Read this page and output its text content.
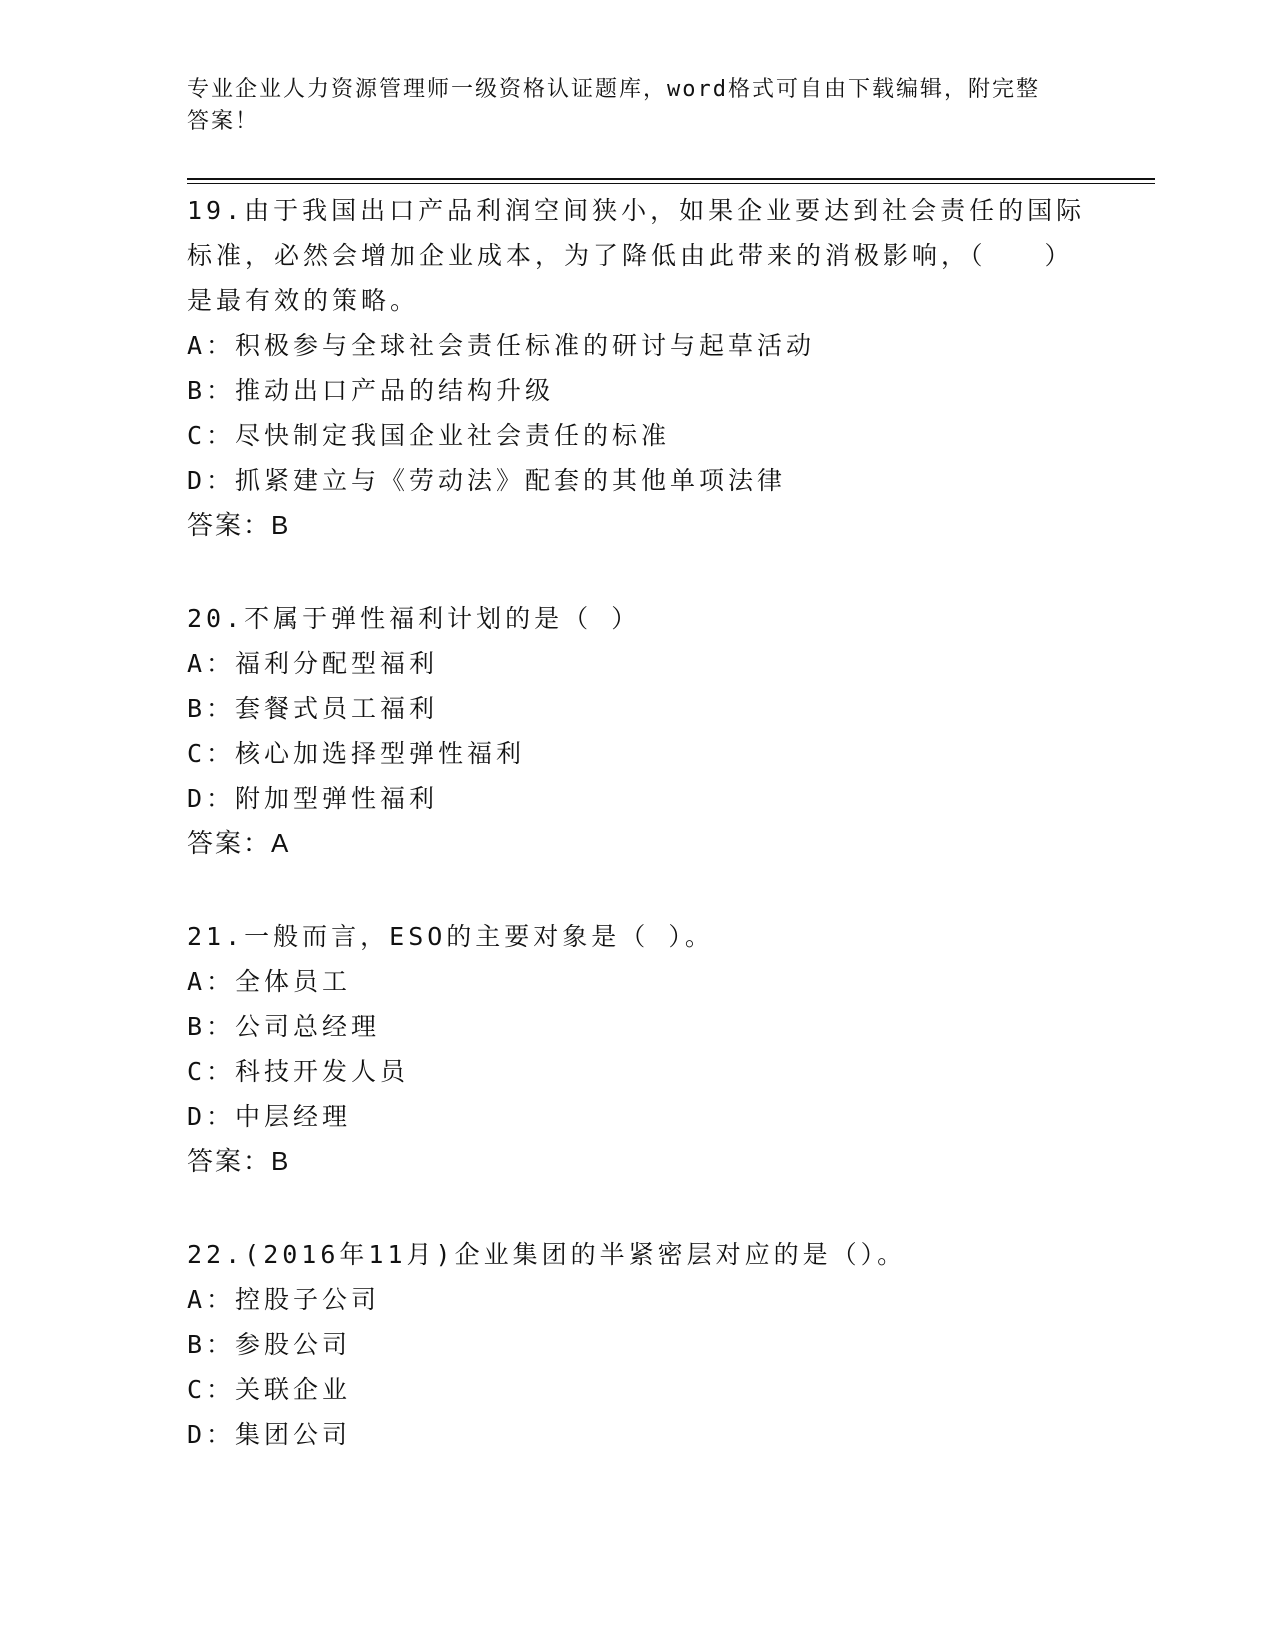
专业企业人力资源管理师一级资格认证题库，word格式可自由下载编辑，附完整
答案！

19.由于我国出口产品利润空间狭小，如果企业要达到社会责任的国际

标准，必然会增加企业成本，为了降低由此带来的消极影响，（　　）

是最有效的策略。

A：积极参与全球社会责任标准的研讨与起草活动

B：推动出口产品的结构升级

C：尽快制定我国企业社会责任的标准

D：抓紧建立与《劳动法》配套的其他单项法律

答案：B

20.不属于弹性福利计划的是（ ）

A：福利分配型福利

B：套餐式员工福利

C：核心加选择型弹性福利

D：附加型弹性福利

答案：A

21.一般而言，ESO的主要对象是（ ）。

A：全体员工

B：公司总经理

C：科技开发人员

D：中层经理

答案：B

22.(2016年11月)企业集团的半紧密层对应的是（）。

A：控股子公司

B：参股公司

C：关联企业

D：集团公司
